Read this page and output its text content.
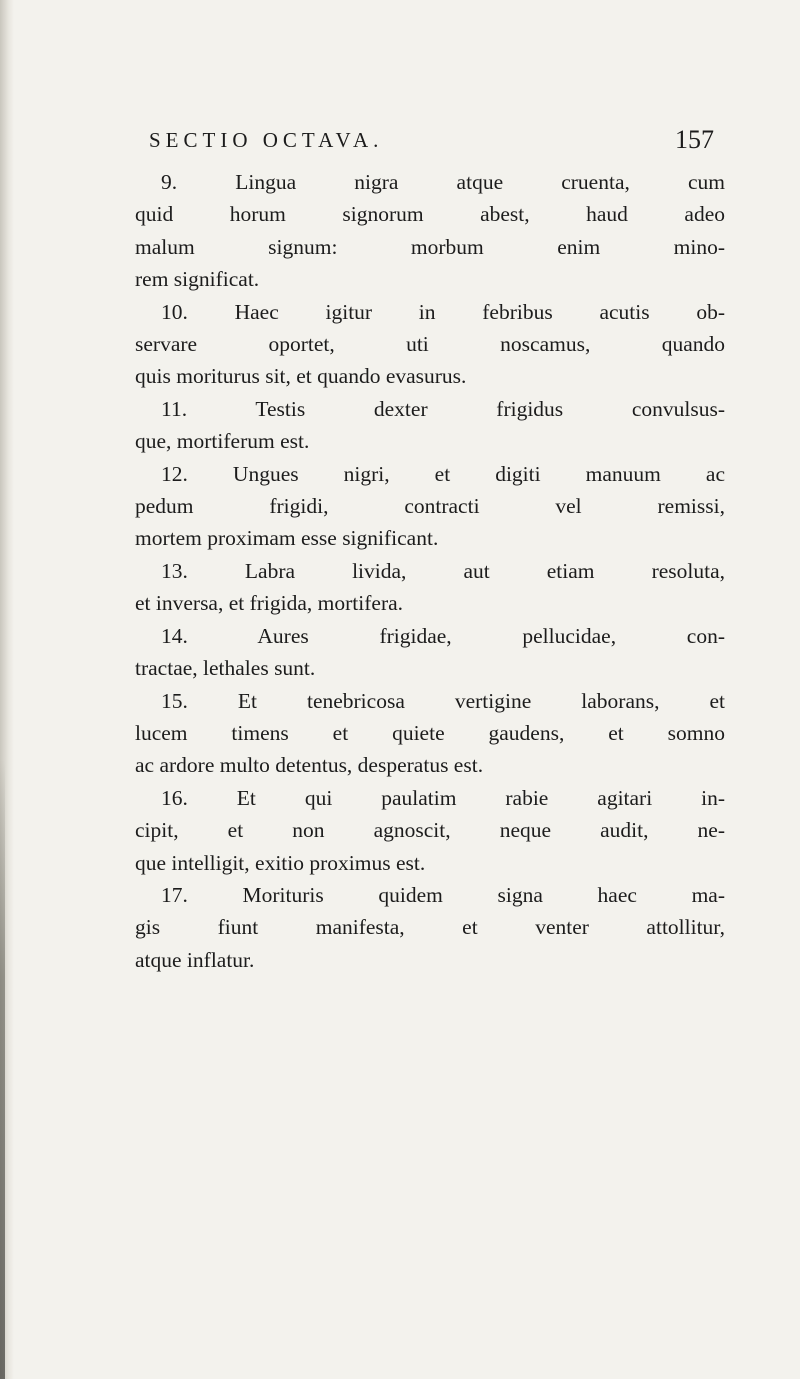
SECTIO OCTAVA.	157

9. Lingua nigra atque cruenta, cum
quid horum signorum abest, haud adeo
malum signum: morbum enim mino-
rem significat.

10. Haec igitur in febribus acutis ob-
servare oportet, uti noscamus, quando
quis moriturus sit, et quando evasurus.

11. Testis dexter frigidus convulsus-
que, mortiferum est.

12. Ungues nigri, et digiti manuum ac
pedum frigidi, contracti vel remissi,
mortem proximam esse significant.

13. Labra livida, aut etiam resoluta,
et inversa, et frigida, mortifera.

14. Aures frigidae, pellucidae, con-
tractae, lethales sunt.

15. Et tenebricosa vertigine laborans, et
lucem timens et quiete gaudens, et somno
ac ardore multo detentus, desperatus est.

16. Et qui paulatim rabie agitari in-
cipit, et non agnoscit, neque audit, ne-
que intelligit, exitio proximus est.

17. Morituris quidem signa haec ma-
gis fiunt manifesta, et venter attollitur,
atque inflatur.
